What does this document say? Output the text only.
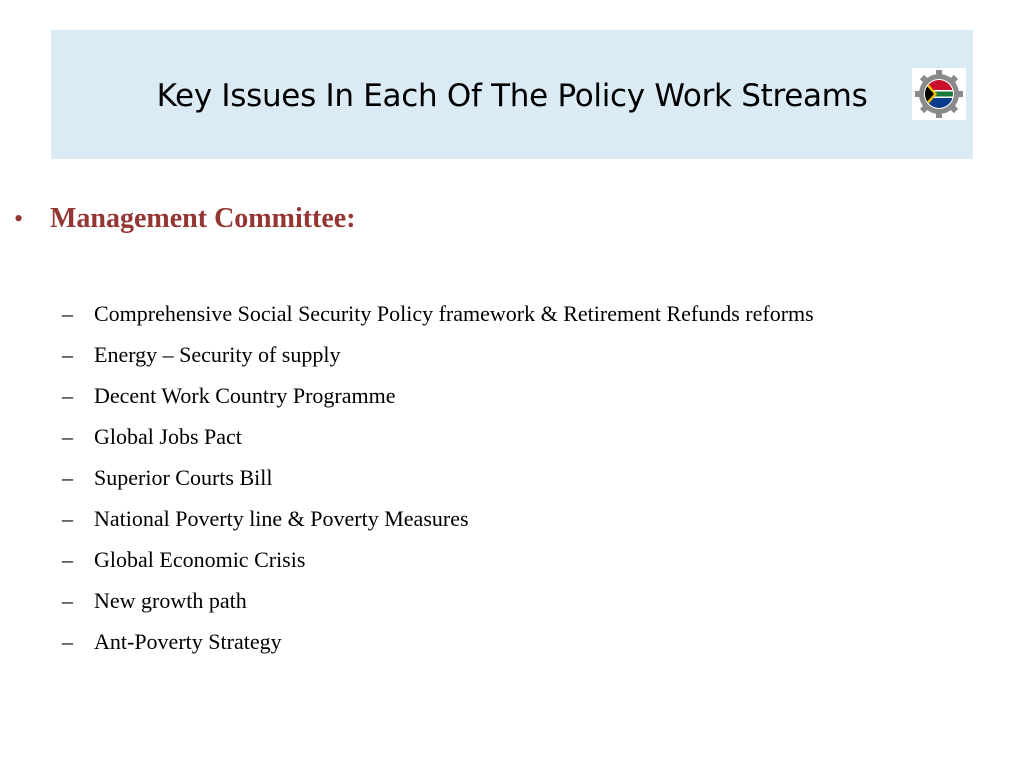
Key Issues In Each Of The Policy Work Streams
• Management Committee:
– Comprehensive Social Security Policy framework & Retirement Refunds reforms
– Energy – Security of supply
– Decent Work Country Programme
– Global Jobs Pact
– Superior Courts Bill
– National Poverty line & Poverty Measures
– Global Economic Crisis
– New growth path
– Ant-Poverty Strategy
